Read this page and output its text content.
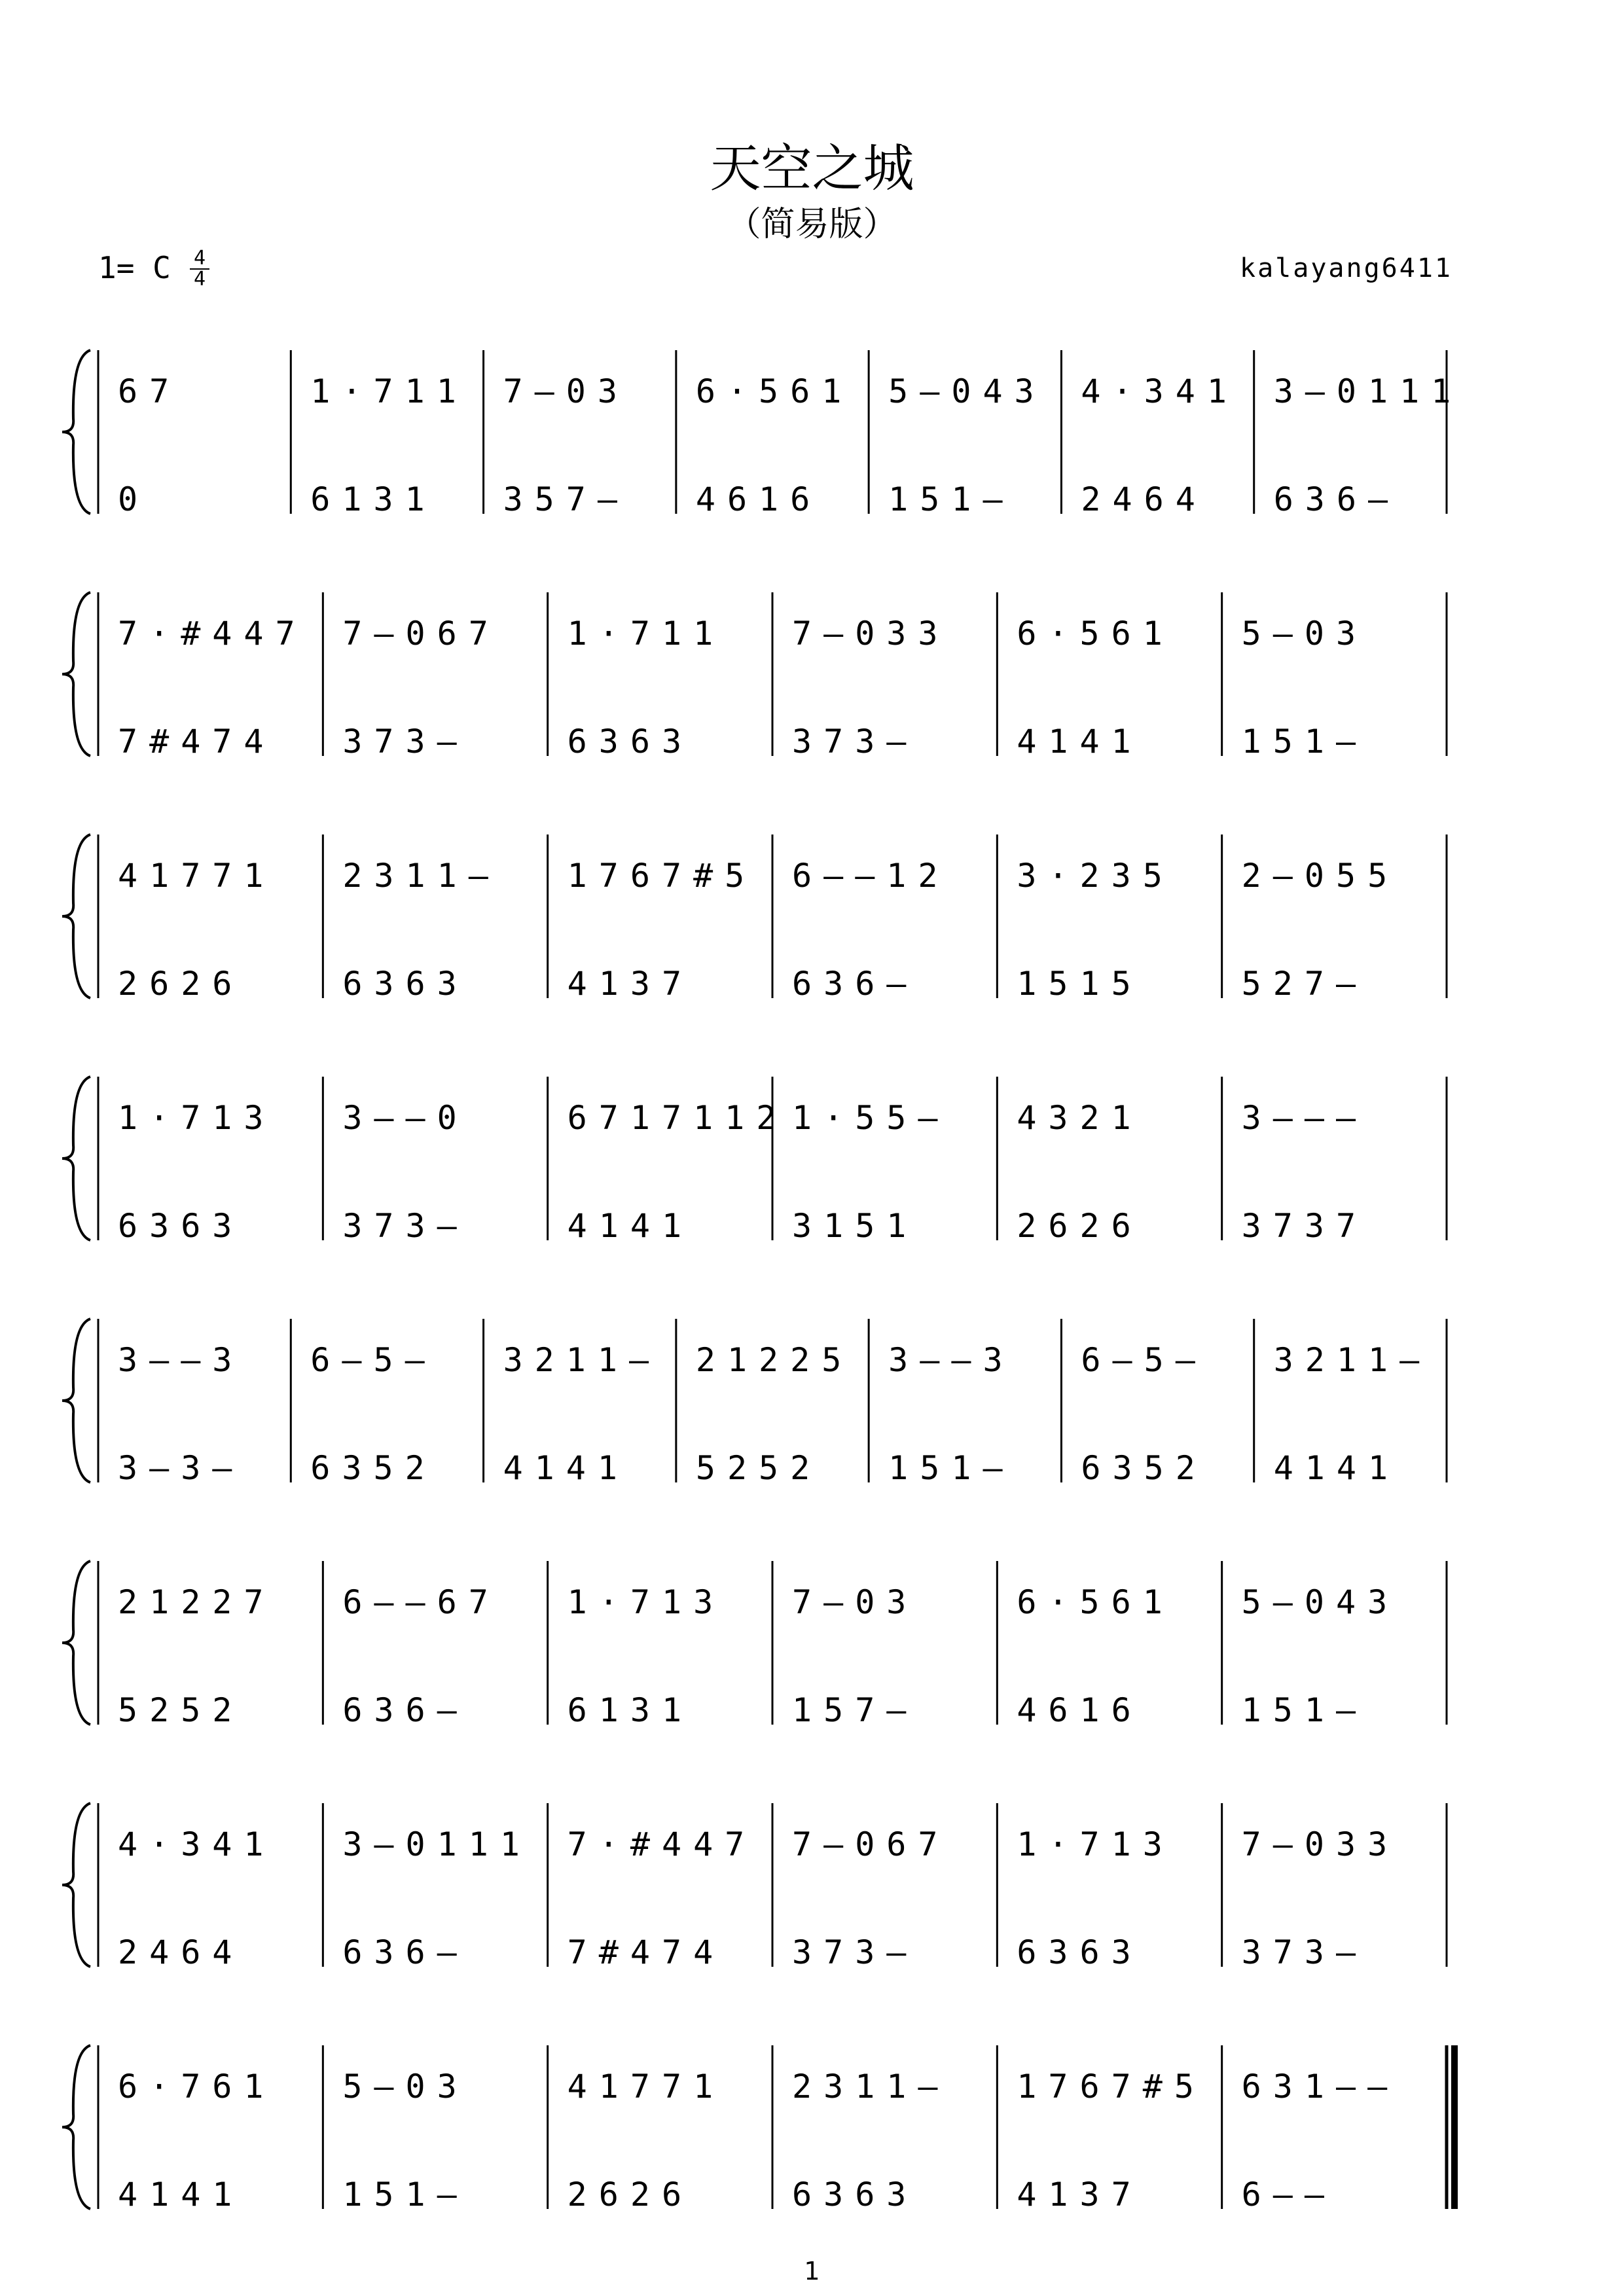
天空之城
（简易版）
1= C $\frac{4}{4}$	kalayang6411
67
0
1·711
6131
7—03
357—
6·561
4616
5—043
151—
4·341
2464
3—0111
636—
7·#447
7#474
7—067
373—
1·711
6363
7—033
373—
6·561
4141
5—03
151—
41771
2626
2311—
6363
1767#5
4137
6——12
636—
3·235
1515
2—055
527—
1·713
6363
3——0
373—
6717112
4141
1·55—
3151
4321
2626
3———
3737
3——3
3—3—
6—5—
6352
3211—
4141
21225
5252
3——3
151—
6—5—
6352
3211—
4141
21227
5252
6——67
636—
1·713
6131
7—03
157—
6·561
4616
5—043
151—
4·341
2464
3—0111
636—
7·#447
7#474
7—067
373—
1·713
6363
7—033
373—
6·761
4141
5—03
151—
41771
2626
2311—
6363
1767#5
4137
631——
6——
1
